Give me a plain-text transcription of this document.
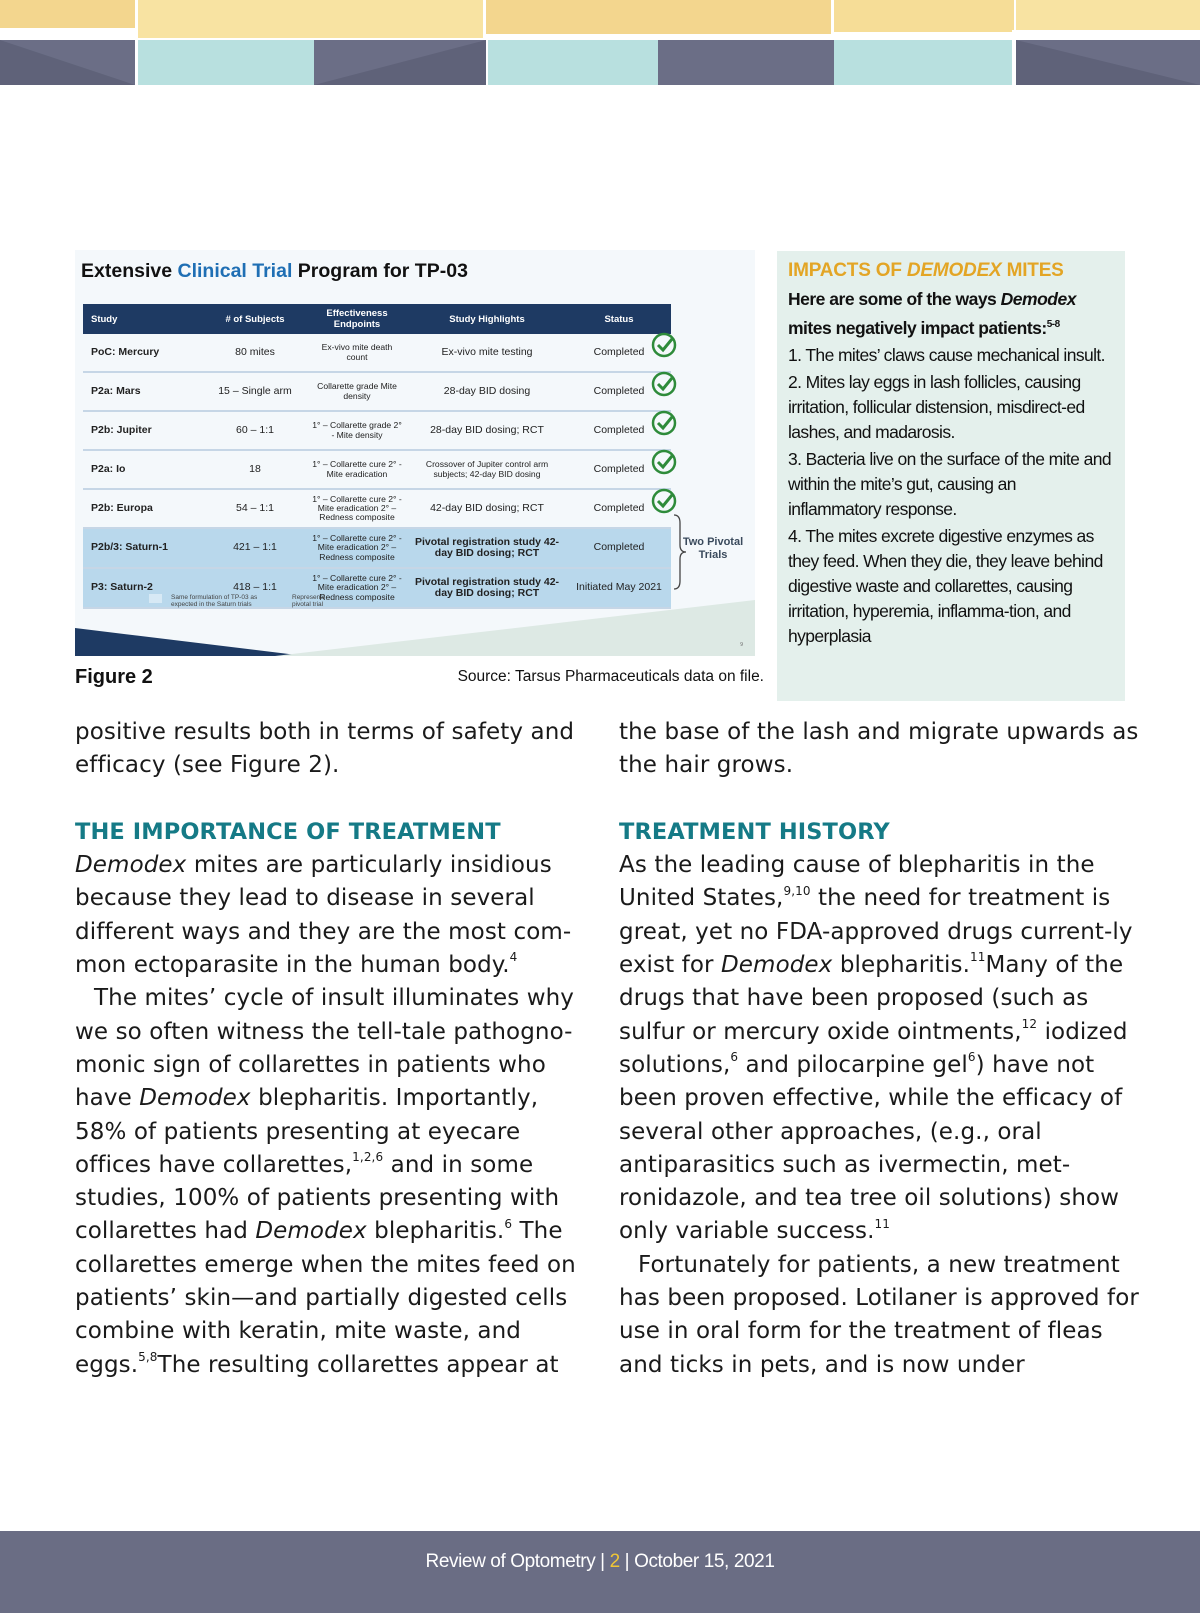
Extensive Clinical Trial Program for TP-03
Study	# of Subjects	Effectiveness Endpoints	Study Highlights	Status
PoC: Mercury	80 mites	Ex-vivo mite death count	Ex-vivo mite testing	Completed
P2a: Mars	15 – Single arm	Collarette grade Mite density	28-day BID dosing	Completed
P2b: Jupiter	60 – 1:1	1° – Collarette grade 2° - Mite density	28-day BID dosing; RCT	Completed
P2a: Io	18	1° – Collarette cure 2° - Mite eradication	Crossover of Jupiter control arm subjects; 42-day BID dosing	Completed
P2b: Europa	54 – 1:1	1° – Collarette cure 2° - Mite eradication 2° – Redness composite	42-day BID dosing; RCT	Completed
P2b/3: Saturn-1	421 – 1:1	1° – Collarette cure 2° - Mite eradication 2° – Redness composite	Pivotal registration study 42-day BID dosing; RCT	Completed
P3: Saturn-2	418 – 1:1	1° – Collarette cure 2° - Mite eradication 2° – Redness composite	Pivotal registration study 42-day BID dosing; RCT	Initiated May 2021
Two Pivotal
Trials
Same formulation of TP-03 as expected in the Saturn trials
Represents pivotal trial
9
Figure 2	Source: Tarsus Pharmaceuticals data on file.
IMPACTS OF DEMODEX MITES
Here are some of the ways Demodex mites negatively impact patients:$^{5-8}$
1. The mites’ claws cause mechanical insult.
2. Mites lay eggs in lash follicles, causing irritation, follicular distension, misdirect-ed lashes, and madarosis.
3. Bacteria live on the surface of the mite and within the mite’s gut, causing an inflammatory response.
4. The mites excrete digestive enzymes as they feed. When they die, they leave behind digestive waste and collarettes, causing irritation, hyperemia, inflamma-tion, and hyperplasia

positive results both in terms of safety and efficacy (see Figure 2).

THE IMPORTANCE OF TREATMENT

Demodex mites are particularly insidious because they lead to disease in several different ways and they are the most com-mon ectoparasite in the human body.$^4$

The mites’ cycle of insult illuminates why we so often witness the tell-tale pathogno-monic sign of collarettes in patients who have Demodex blepharitis. Importantly, 58% of patients presenting at eyecare offices have collarettes,$^{1,2,6}$ and in some studies, 100% of patients presenting with collarettes had Demodex blepharitis.$^6$ The collarettes emerge when the mites feed on patients’ skin—and partially digested cells combine with keratin, mite waste, and eggs.$^{5,8}$The resulting collarettes appear at

the base of the lash and migrate upwards as the hair grows.

TREATMENT HISTORY

As the leading cause of blepharitis in the United States,$^{9,10}$ the need for treatment is great, yet no FDA-approved drugs current-ly exist for Demodex blepharitis.$^{11}$Many of the drugs that have been proposed (such as sulfur or mercury oxide ointments,$^{12}$ iodized solutions,$^6$ and pilocarpine gel$^6$) have not been proven effective, while the efficacy of several other approaches, (e.g., oral antiparasitics such as ivermectin, met-ronidazole, and tea tree oil solutions) show only variable success.$^{11}$

Fortunately for patients, a new treatment has been proposed. Lotilaner is approved for use in oral form for the treatment of fleas and ticks in pets, and is now under

Review of Optometry | 2 | October 15, 2021
